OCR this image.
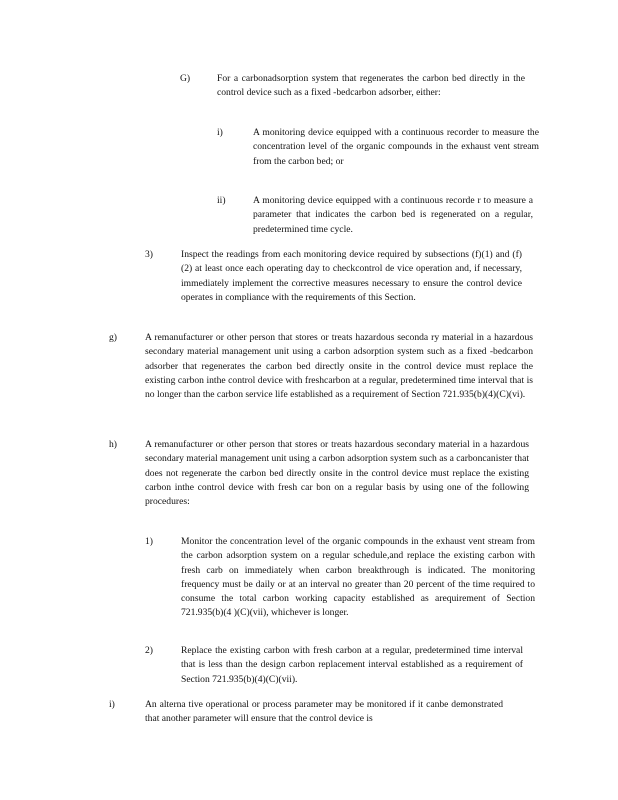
G)	For a carbonadsorption system that regenerates the carbon bed directly in the control device such as a fixed -bedcarbon adsorber, either:
i)	A monitoring device equipped with a continuous recorder to measure the concentration level of the organic compounds in the exhaust vent stream from the carbon bed; or
ii)	A monitoring device equipped with a continuous recorde r to measure a parameter that indicates the carbon bed is regenerated on a regular, predetermined time cycle.
3)	Inspect the readings from each monitoring device required by subsections (f)(1) and (f)(2) at least once each operating day to checkcontrol de vice operation and, if necessary, immediately implement the corrective measures necessary to ensure the control device operates in compliance with the requirements of this Section.
g)	A remanufacturer or other person that stores or treats hazardous seconda ry material in a hazardous secondary material management unit using a carbon adsorption system such as a fixed -bedcarbon adsorber that regenerates the carbon bed directly onsite in the control device must replace the existing carbon inthe control device with freshcarbon at a regular, predetermined time interval that is no longer than the carbon service life established as a requirement of Section 721.935(b)(4)(C)(vi).
h)	A remanufacturer or other person that stores or treats hazardous secondary material in a hazardous secondary material management unit using a carbon adsorption system such as a carboncanister that does not regenerate the carbon bed directly onsite in the control device must replace the existing carbon inthe control device with fresh car bon on a regular basis by using one of the following procedures:
1)	Monitor the concentration level of the organic compounds in the exhaust vent stream from the carbon adsorption system on a regular schedule,and replace the existing carbon with fresh carb on immediately when carbon breakthrough is indicated. The monitoring frequency must be daily or at an interval no greater than 20 percent of the time required to consume the total carbon working capacity established as arequirement of Section 721.935(b)(4 )(C)(vii), whichever is longer.
2)	Replace the existing carbon with fresh carbon at a regular, predetermined time interval that is less than the design carbon replacement interval established as a requirement of Section 721.935(b)(4)(C)(vii).
i)	An alterna tive operational or process parameter may be monitored if it canbe demonstrated that another parameter will ensure that the control device is
